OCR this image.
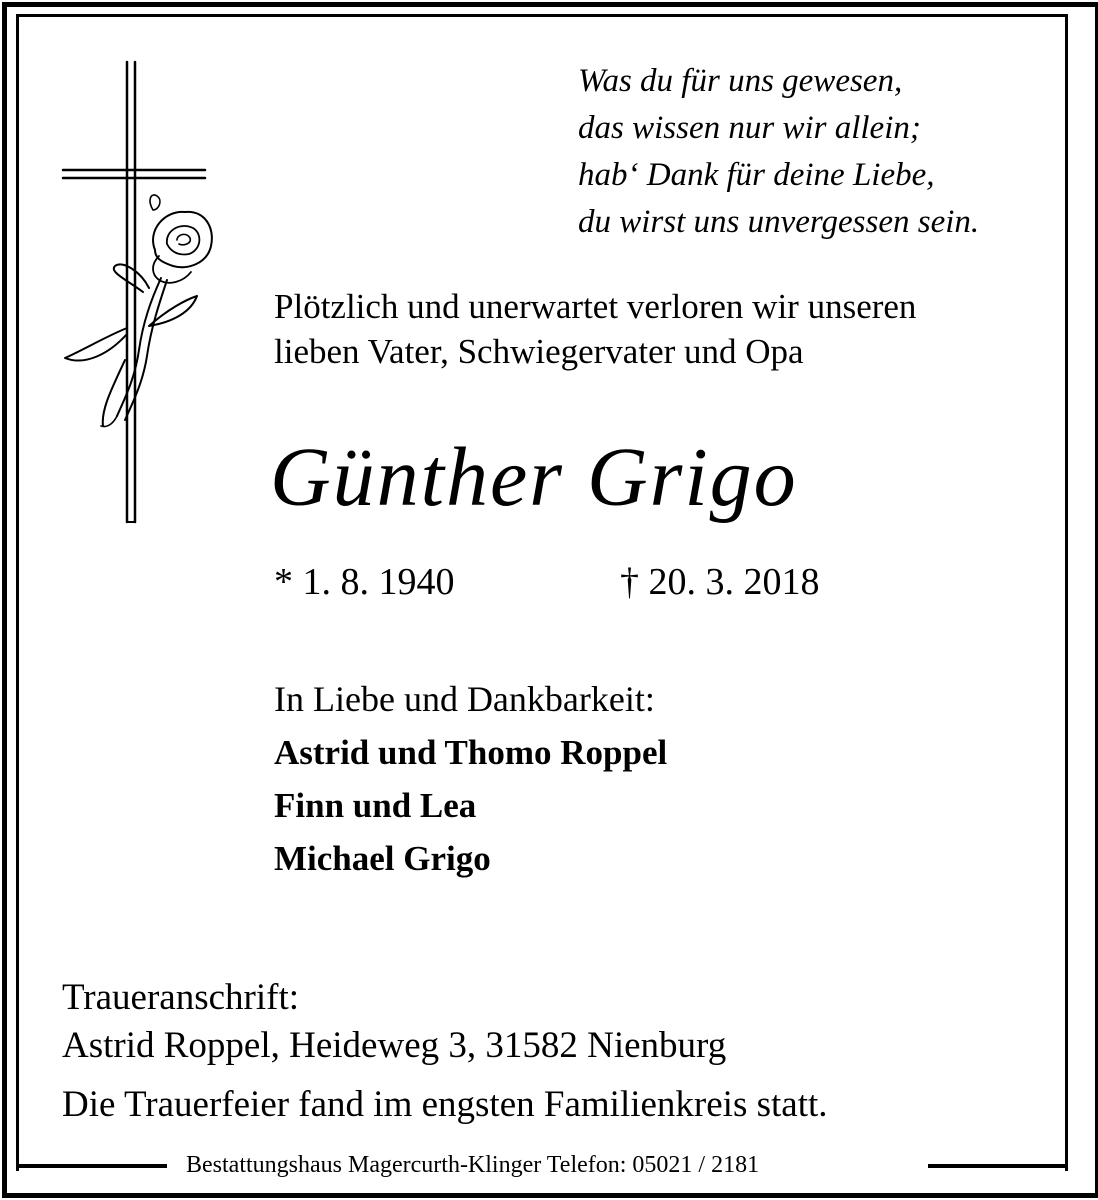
Was du für uns gewesen,
das wissen nur wir allein;
hab‘ Dank für deine Liebe,
du wirst uns unvergessen sein.
Plötzlich und unerwartet verloren wir unseren
lieben Vater, Schwiegervater und Opa
Günther Grigo
* 1. 8. 1940	† 20. 3. 2018
In Liebe und Dankbarkeit:
Astrid und Thomo Roppel
Finn und Lea
Michael Grigo
Traueranschrift:
Astrid Roppel, Heideweg 3, 31582 Nienburg
Die Trauerfeier fand im engsten Familienkreis statt.
Bestattungshaus Magercurth-Klinger Telefon: 05021 / 2181
